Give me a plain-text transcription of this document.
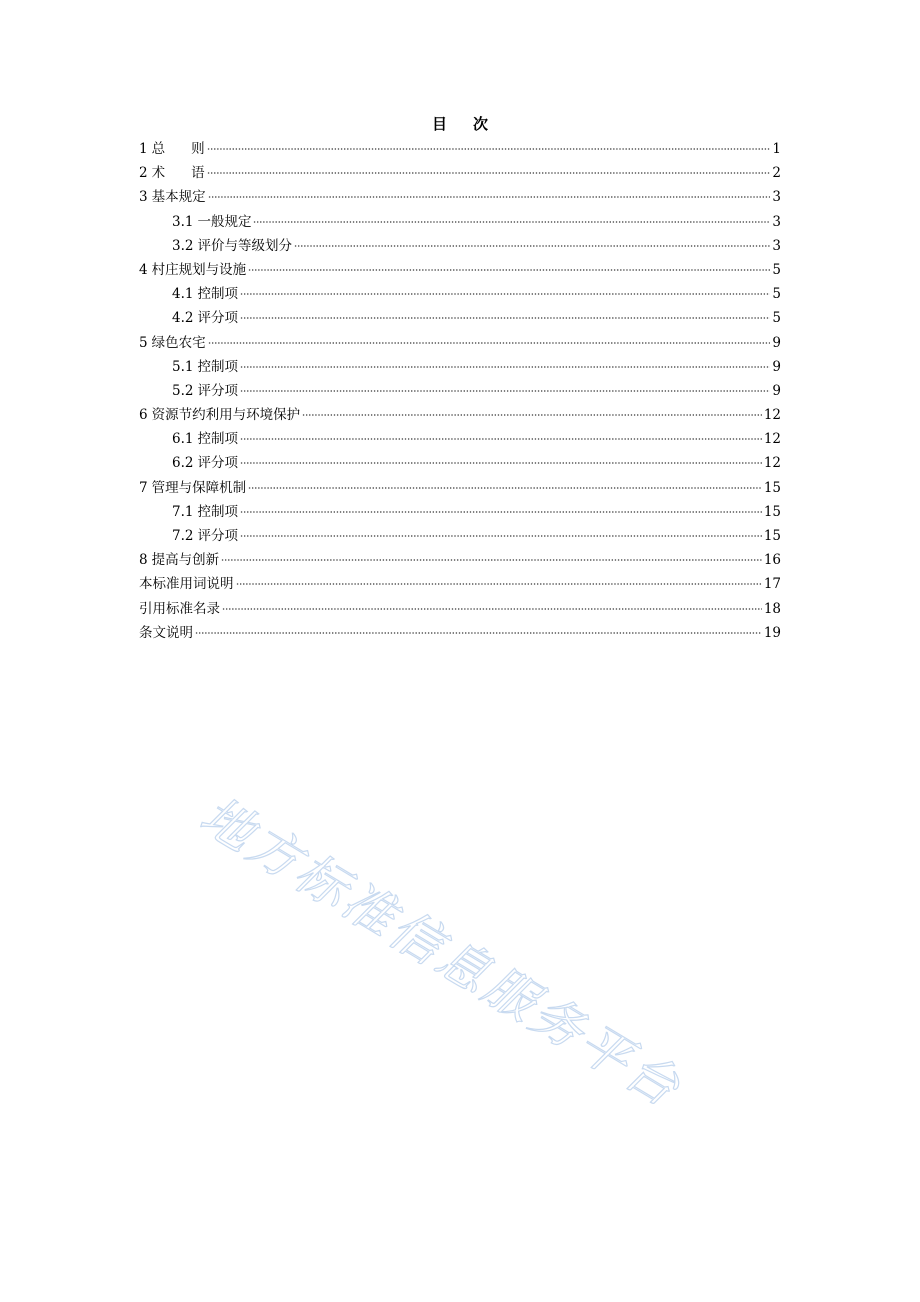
目 次
1 总 则	1
2 术 语	2
3 基本规定	3
3.1 一般规定	3
3.2 评价与等级划分	3
4 村庄规划与设施	5
4.1 控制项	5
4.2 评分项	5
5 绿色农宅	9
5.1 控制项	9
5.2 评分项	9
6 资源节约利用与环境保护	12
6.1 控制项	12
6.2 评分项	12
7 管理与保障机制	15
7.1 控制项	15
7.2 评分项	15
8 提高与创新	16
本标准用词说明	17
引用标准名录	18
条文说明	19
地方标准信息服务平台
